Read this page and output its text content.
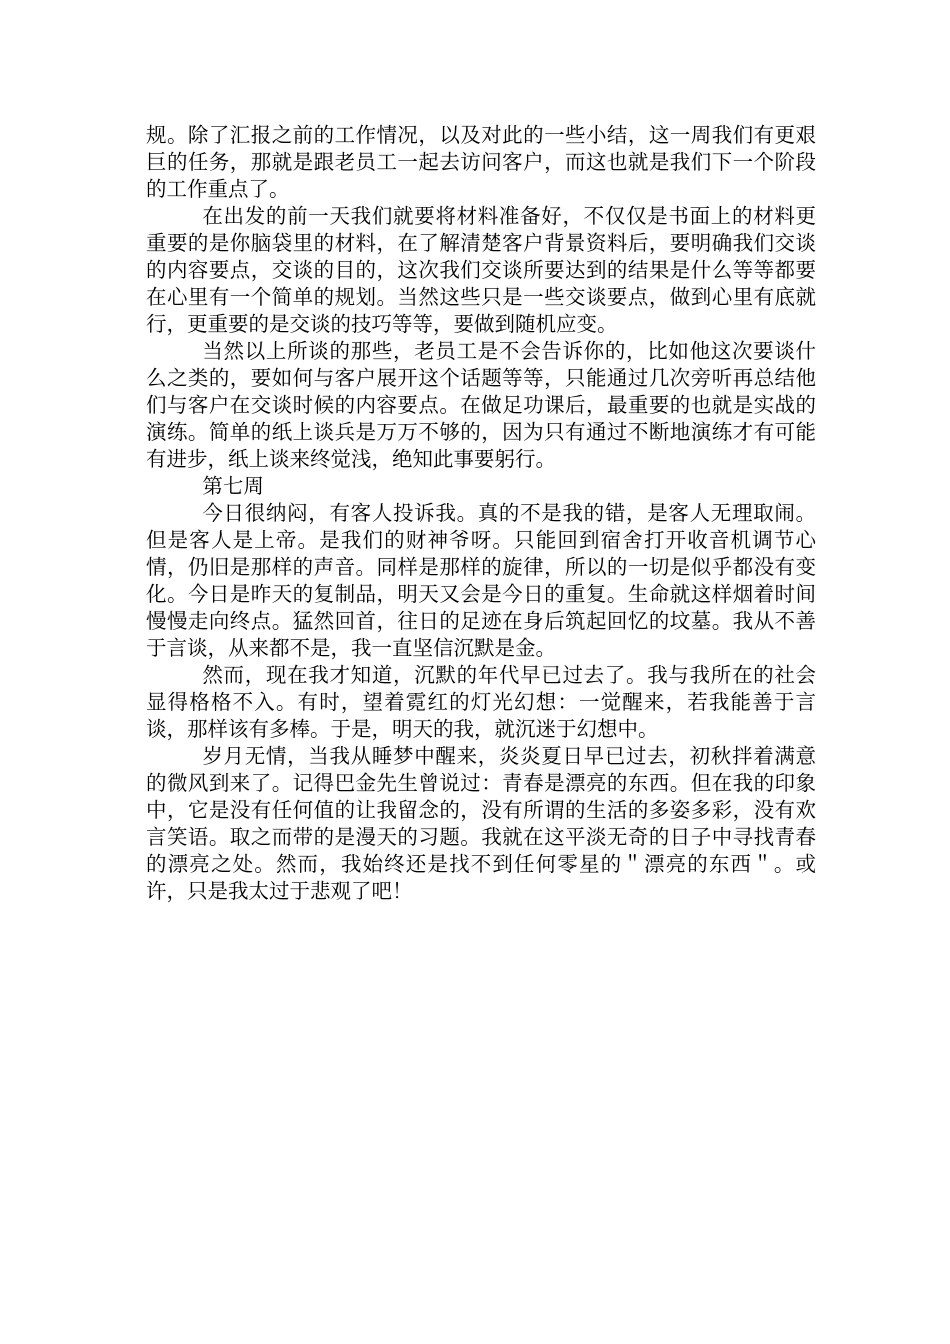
规。除了汇报之前的工作情况，以及对此的一些小结，这一周我们有更艰巨的任务，那就是跟老员工一起去访问客户，而这也就是我们下一个阶段的工作重点了。

在出发的前一天我们就要将材料准备好，不仅仅是书面上的材料更重要的是你脑袋里的材料，在了解清楚客户背景资料后，要明确我们交谈的内容要点，交谈的目的，这次我们交谈所要达到的结果是什么等等都要在心里有一个简单的规划。当然这些只是一些交谈要点，做到心里有底就行，更重要的是交谈的技巧等等，要做到随机应变。

当然以上所谈的那些，老员工是不会告诉你的，比如他这次要谈什么之类的，要如何与客户展开这个话题等等，只能通过几次旁听再总结他们与客户在交谈时候的内容要点。在做足功课后，最重要的也就是实战的演练。简单的纸上谈兵是万万不够的，因为只有通过不断地演练才有可能有进步，纸上谈来终觉浅，绝知此事要躬行。

第七周

今日很纳闷，有客人投诉我。真的不是我的错，是客人无理取闹。但是客人是上帝。是我们的财神爷呀。只能回到宿舍打开收音机调节心情，仍旧是那样的声音。同样是那样的旋律，所以的一切是似乎都没有变化。今日是昨天的复制品，明天又会是今日的重复。生命就这样烟着时间慢慢走向终点。猛然回首，往日的足迹在身后筑起回忆的坟墓。我从不善于言谈，从来都不是，我一直坚信沉默是金。

然而，现在我才知道，沉默的年代早已过去了。我与我所在的社会显得格格不入。有时，望着霓红的灯光幻想：一觉醒来，若我能善于言谈，那样该有多棒。于是，明天的我，就沉迷于幻想中。

岁月无情，当我从睡梦中醒来，炎炎夏日早已过去，初秋拌着满意的微风到来了。记得巴金先生曾说过：青春是漂亮的东西。但在我的印象中，它是没有任何值的让我留念的，没有所谓的生活的多姿多彩，没有欢言笑语。取之而带的是漫天的习题。我就在这平淡无奇的日子中寻找青春的漂亮之处。然而，我始终还是找不到任何零星的＂漂亮的东西＂。或许，只是我太过于悲观了吧！
